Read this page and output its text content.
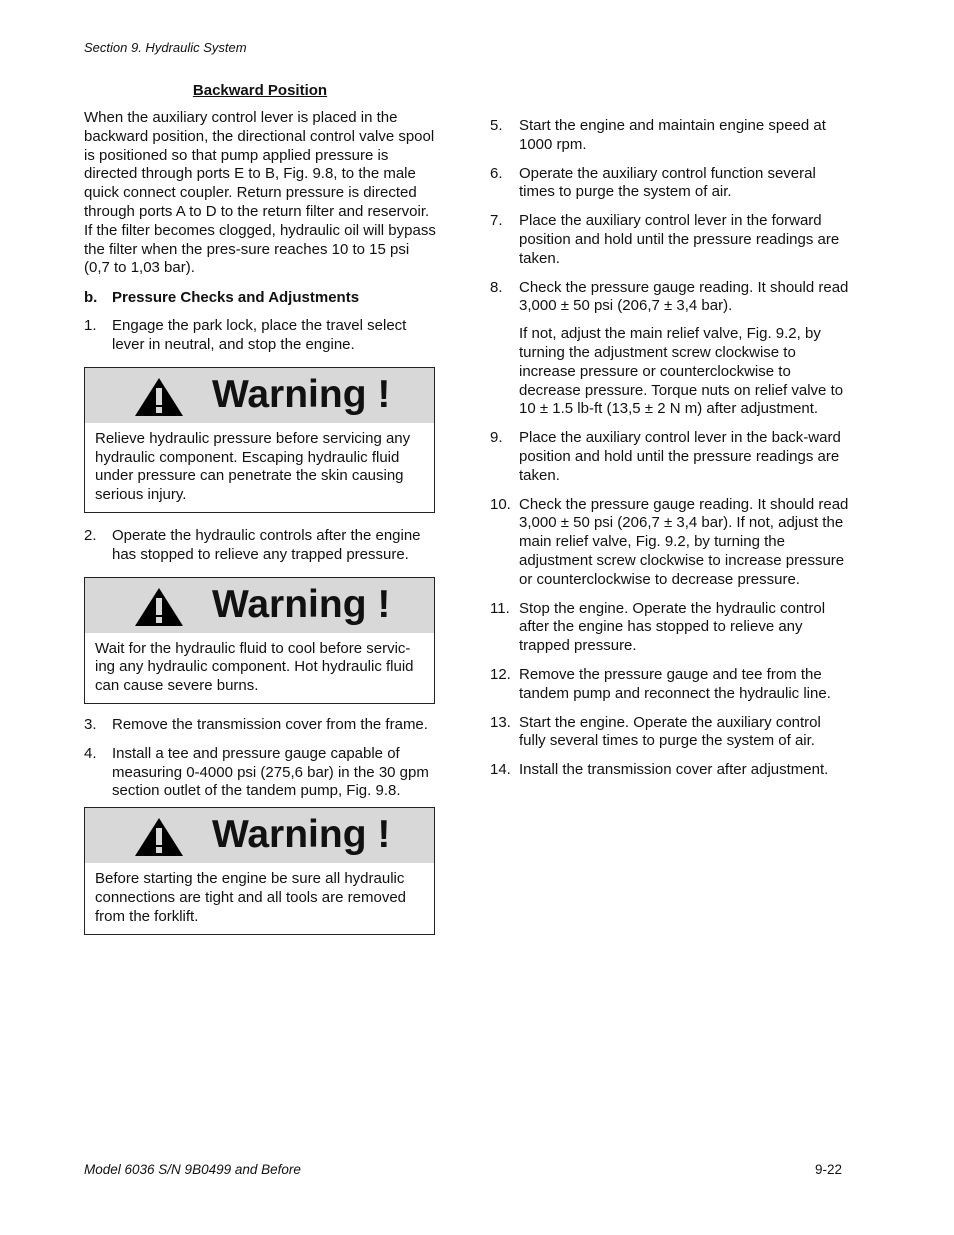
Section 9. Hydraulic System

Backward Position

When the auxiliary control lever is placed in the backward position, the directional control valve spool is positioned so that pump applied pressure is directed through ports E to B, Fig. 9.8, to the male quick connect coupler. Return pressure is directed through ports A to D to the return filter and reservoir. If the filter becomes clogged, hydraulic oil will bypass the filter when the pres-sure reaches 10 to 15 psi (0,7 to 1,03 bar).

b. Pressure Checks and Adjustments
1.	Engage the park lock, place the travel select lever in neutral, and stop the engine.
Warning !
Relieve hydraulic pressure before servicing any hydraulic component. Escaping hydraulic fluid under pressure can penetrate the skin causing serious injury.
2.	Operate the hydraulic controls after the engine has stopped to relieve any trapped pressure.
Warning !
Wait for the hydraulic fluid to cool before servic-ing any hydraulic component. Hot hydraulic fluid can cause severe burns.
3.	Remove the transmission cover from the frame.
4.	Install a tee and pressure gauge capable of measuring 0-4000 psi (275,6 bar) in the 30 gpm section outlet of the tandem pump, Fig. 9.8.
Warning !
Before starting the engine be sure all hydraulic connections are tight and all tools are removed from the forklift.
5.	Start the engine and maintain engine speed at 1000 rpm.
6.	Operate the auxiliary control function several times to purge the system of air.
7.	Place the auxiliary control lever in the forward position and hold until the pressure readings are taken.
8.	Check the pressure gauge reading. It should read 3,000 ± 50 psi (206,7 ± 3,4 bar).

If not, adjust the main relief valve, Fig. 9.2, by turning the adjustment screw clockwise to increase pressure or counterclockwise to decrease pressure. Torque nuts on relief valve to 10 ± 1.5 lb-ft (13,5 ± 2 N m) after adjustment.

9.	Place the auxiliary control lever in the back-ward position and hold until the pressure readings are taken.
10. Check the pressure gauge reading. It should read 3,000 ± 50 psi (206,7 ± 3,4 bar). If not, adjust the main relief valve, Fig. 9.2, by turning the adjustment screw clockwise to increase pressure or counterclockwise to decrease pressure.
11. Stop the engine. Operate the hydraulic control after the engine has stopped to relieve any trapped pressure.
12. Remove the pressure gauge and tee from the tandem pump and reconnect the hydraulic line.
13. Start the engine. Operate the auxiliary control fully several times to purge the system of air.
14. Install the transmission cover after adjustment.
Model 6036 S/N 9B0499 and Before	9-22
